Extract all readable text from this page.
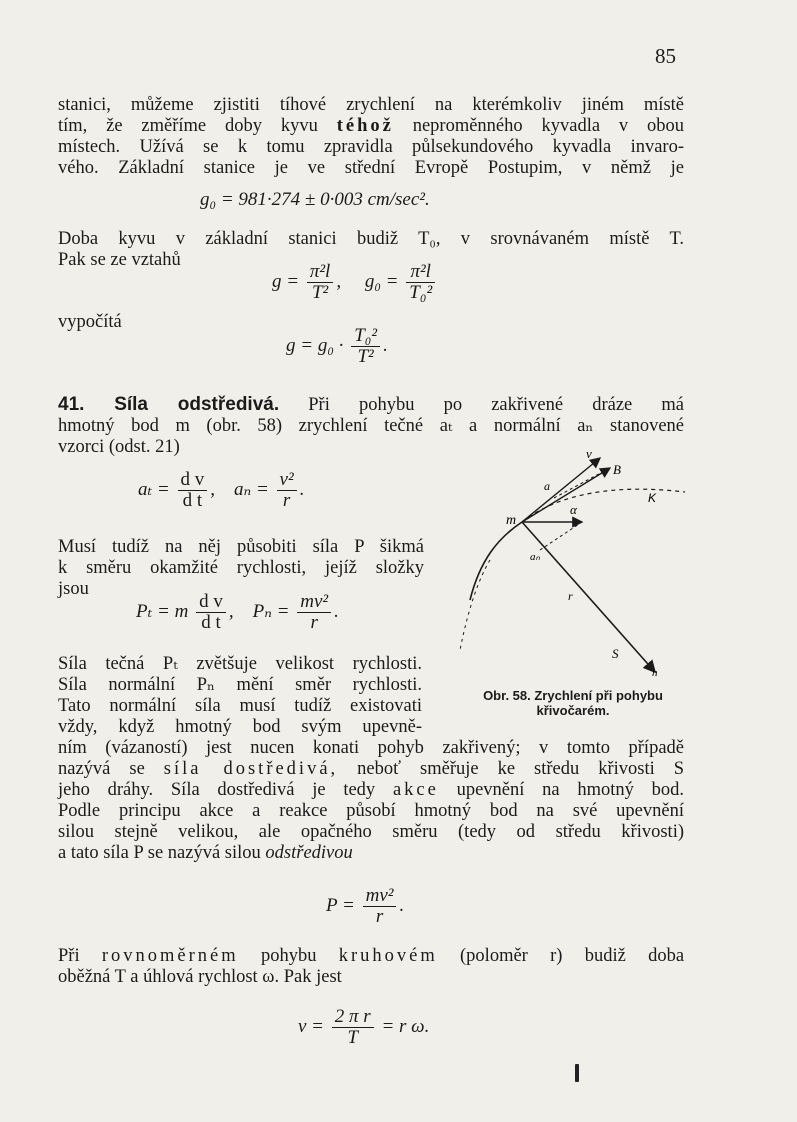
85
stanici, můžeme zjistiti tíhové zrychlení na kterémkoliv jiném místě
tím, že změříme doby kyvu téhož neproměnného kyvadla v obou
místech. Užívá se k tomu zpravidla půlsekundového kyvadla invaro-
vého. Základní stanice je ve střední Evropě Postupim, v němž je
g₀ = 981·274 ± 0·003 cm/sec².
Doba kyvu v základní stanici budiž T₀, v srovnávaném místě T.
Pak se ze vztahů
$g = \frac{\text{π²l}}{\text{T²}}$ , $g_0 = \frac{\text{π²l}}{\text{T₀²}}$
vypočítá
$g = g_0 \cdot \frac{\text{T₀²}}{\text{T²}}$ .
41. Síla odstředivá. Při pohybu po zakřivené dráze má
hmotný bod m (obr. 58) zrychlení tečné aₜ a normální aₙ stanovené
vzorci (odst. 21)
$a_t = \frac{\text{d v}}{\text{d t}}$ , $a_n = \frac{\text{v²}}{r}$ .
Musí tudíž na něj působiti síla P šikmá
k směru okamžité rychlosti, jejíž složky
jsou
Pₜ = m $\frac{\text{d v}}{\text{d t}}$ , $P_n = \frac{\text{mv²}}{r}$ .
Síla tečná Pₜ zvětšuje velikost rychlosti.
Síla normální Pₙ mění směr rychlosti.
Tato normální síla musí tudíž existovati
vždy, když hmotný bod svým upevně-
ním (vázaností) jest nucen konati pohyb zakřivený; v tomto případě
nazývá se síla dostředivá, neboť směřuje ke středu křivosti S
jeho dráhy. Síla dostředivá je tedy akce upevnění na hmotný bod.
Podle principu akce a reakce působí hmotný bod na své upevnění
silou stejně velikou, ale opačného směru (tedy od středu křivosti)
a tato síla P se nazývá silou odstředivou
$P = \frac{\text{mv²}}{r}$ .
Při rovnoměrném pohybu kruhovém (poloměr r) budiž doba
oběžná T a úhlová rychlost ω. Pak jest
$v = \frac{\text{2 π r}}{T} = r$ ω.
v
B
K
a
α
m
aₙ
r
S
n
Obr. 58. Zrychlení při pohybu
křivočarém.
